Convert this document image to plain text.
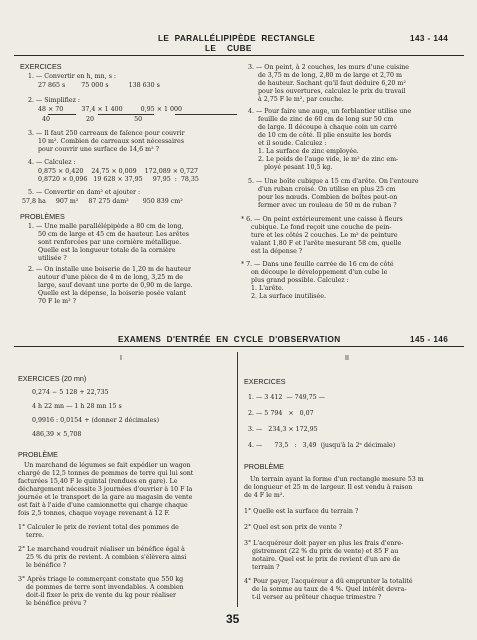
LE  PARALLÉLIPIPÈDE  RECTANGLE
LE    CUBE
143 - 144
EXERCICES
1. — Convertir en h, mn, s :
27 865 s        75 000 s          138 630 s
2. — Simplifiez :
48 × 70         37,4 × 1 400         0,95 × 1 000
40                  20                    50
3. — Il faut 250 carreaux de faïence pour couvrir
10 m². Combien de carreaux sont nécessaires
pour couvrir une surface de 14,6 m² ?
4. — Calculez :
0,875 × 0,420    24,75 × 0,009    172,089 × 0,727
0,8720 × 0,096   19 628 × 37,95     97,95  :  78,35
5. — Convertir en dam² et ajouter :
57,8 ha     907 m²     87 275 dam²       950 839 cm²
PROBLÈMES
1. — Une malle parallélépipède a 80 cm de long,
50 cm de large et 45 cm de hauteur. Les arêtes
sont renforcées par une cornière métallique.
Quelle est la longueur totale de la cornière
utilisée ?
2. — On installe une boiserie de 1,20 m de hauteur
autour d'une pièce de 4 m de long, 3,25 m de
large, sauf devant une porte de 0,90 m de large.
Quelle est la dépense, la boiserie posée valant
70 F le m² ?
3. — On peint, à 2 couches, les murs d'une cuisine
de 3,75 m de long, 2,80 m de large et 2,70 m
de hauteur. Sachant qu'il faut déduire 6,20 m²
pour les ouvertures, calculez le prix du travail
à 2,75 F le m², par couche.
4. — Pour faire une auge, un ferblantier utilise une
feuille de zinc de 60 cm de long sur 50 cm
de large. Il découpe à chaque coin un carré
de 10 cm de côté. Il plie ensuite les bords
et il soude. Calculez :
1. La surface de zinc employée.
2. Le poids de l'auge vide, le m² de zinc em-
ployé pesant 10,5 kg.
5. — Une boîte cubique a 15 cm d'arête. On l'entoure
d'un ruban croisé. On utilise en plus 25 cm
pour les nœuds. Combien de boîtes peut-on
fermer avec un rouleau de 50 m de ruban ?
* 6. — On peint extérieurement une caisse à fleurs
cubique. Le fond reçoit une couche de pein-
ture et les côtés 2 couches. Le m² de peinture
valant 1,80 F et l'arête mesurant 58 cm, quelle
est la dépense ?
* 7. — Dans une feuille carrée de 16 cm de côté
on découpe le développement d'un cube le
plus grand possible. Calculez :
1. L'arête.
2. La surface inutilisée.
EXAMENS  D'ENTRÉE  EN  CYCLE  D'OBSERVATION	145 - 146
I	II
EXERCICES (20 mn)
0,274 − 5 128 + 22,735
4 h 22 mn — 1 h 28 mn 15 s
0,9916 : 0,0154 + (donner 2 décimales)
486,39 × 5,708
PROBLÈME
Un marchand de légumes se fait expédier un wagon
chargé de 12,5 tonnes de pommes de terre qui lui sont
facturées 15,40 F le quintal (rendues en gare). Le
déchargement nécessite 3 journées d'ouvrier à 10 F la
journée et le transport de la gare au magasin de vente
est fait à l'aide d'une camionnette qui charge chaque
fois 2,5 tonnes, chaque voyage revenant à 12 F.
1° Calculer le prix de revient total des pommes de
terre.
2° Le marchand voudrait réaliser un bénéfice égal à
25 % du prix de revient. A combien s'élèvera ainsi
le bénéfice ?
3° Après triage le commerçant constate que 550 kg
de pommes de terre sont invendables. A combien
doit-il fixer le prix de vente du kg pour réaliser
le bénéfice prévu ?
EXERCICES
1. — 3 412  — 749,75 —
2. — 5 794   ×   0,07
3. —   234,3 × 172,95
4. —      73,5   :   3,49  (jusqu'à la 2ᵉ décimale)
PROBLÈME
Un terrain ayant la forme d'un rectangle mesure 53 m
de longueur et 25 m de largeur. Il est vendu à raison
de 4 F le m².
1° Quelle est la surface du terrain ?
2° Quel est son prix de vente ?
3° L'acquéreur doit payer en plus les frais d'enre-
gistrement (22 % du prix de vente) et 85 F au
notaire. Quel est le prix de revient d'un are de
terrain ?
4° Pour payer, l'acquéreur a dû emprunter la totalité
de la somme au taux de 4 %. Quel intérêt devra-
t-il verser au prêteur chaque trimestre ?
35
